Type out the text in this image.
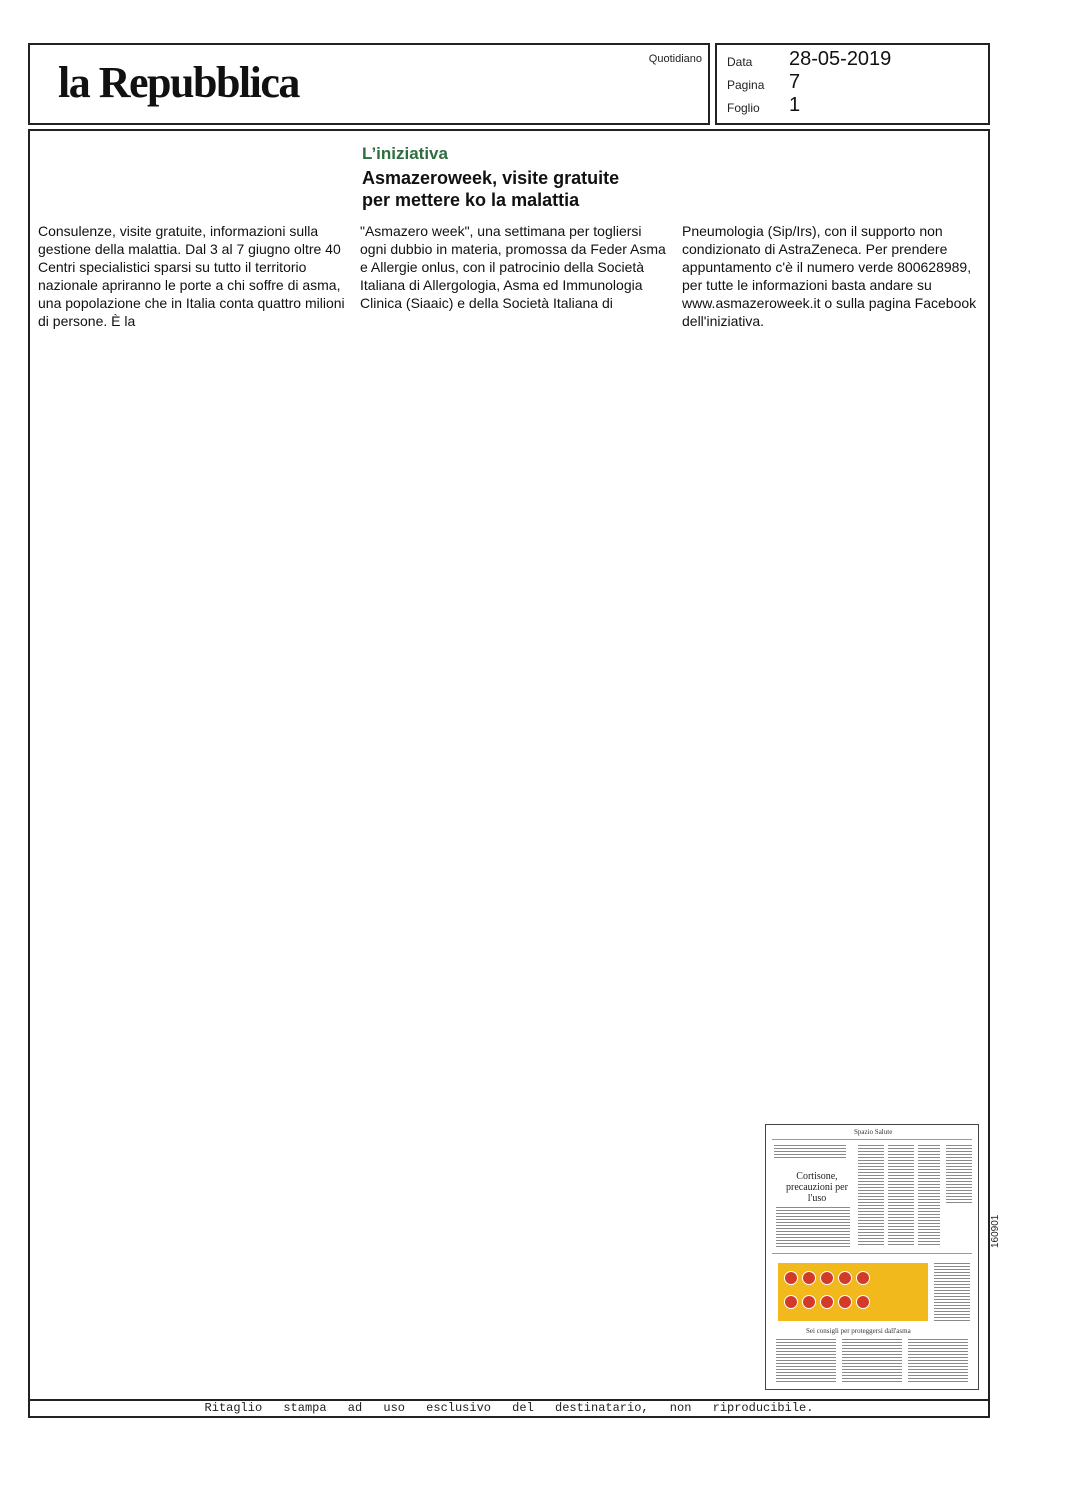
la Repubblica	Quotidiano Data 28-05-2019
Pagina 7
Foglio 1
Ritaglio stampa ad uso esclusivo del destinatario, non riproducibile.
L’iniziativa
Asmazeroweek, visite gratuite
per mettere ko la malattia
Consulenze, visite gratuite, informazioni sulla gestione della malattia. Dal 3 al 7 giugno oltre 40 Centri specialistici sparsi su tutto il territorio nazionale apriranno le porte a chi soffre di asma, una popolazione che in Italia conta quattro milioni di persone. È la
"Asmazero week", una settimana per togliersi ogni dubbio in materia, promossa da Feder Asma e Allergie onlus, con il patrocinio della Società Italiana di Allergologia, Asma ed Immunologia Clinica (Siaaic) e della Società Italiana di
Pneumologia (Sip/Irs), con il supporto non condizionato di AstraZeneca. Per prendere appuntamento c'è il numero verde 800628989, per tutte le informazioni basta andare su www.asmazeroweek.it o sulla pagina Facebook dell'iniziativa.
Spazio Salute
Cortisone, precauzioni per l'uso
Sei consigli per proteggersi dall'asma
160901
